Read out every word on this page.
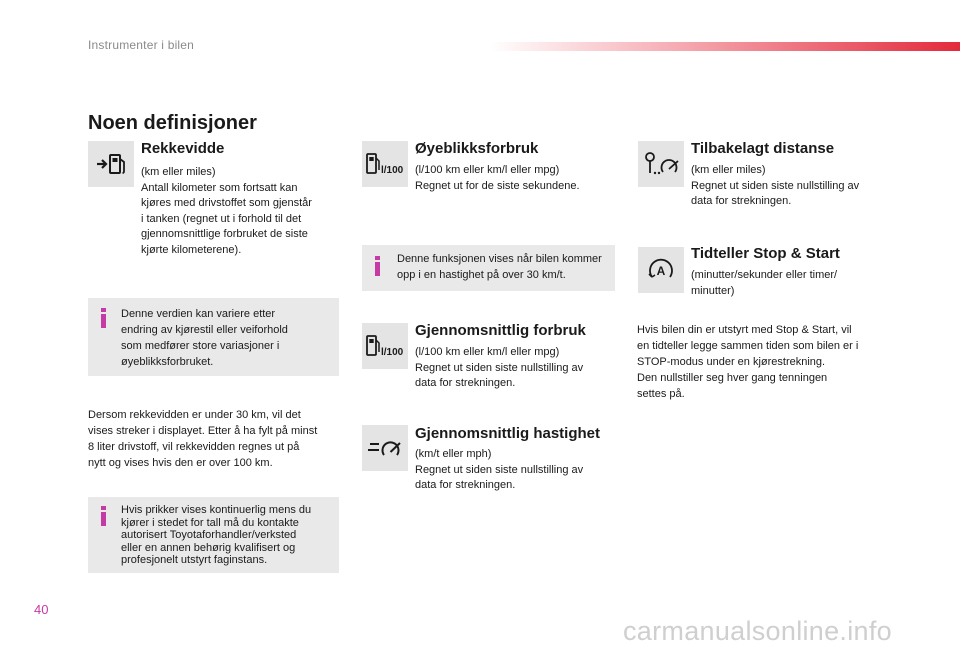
Instrumenter i bilen
Noen definisjoner
Rekkevidde
(km eller miles)
Antall kilometer som fortsatt kan
kjøres med drivstoffet som gjenstår
i tanken (regnet ut i forhold til det
gjennomsnittlige forbruket de siste
kjørte kilometerene).
Denne verdien kan variere etter
endring av kjørestil eller veiforhold
som medfører store variasjoner i
øyeblikksforbruket.
Dersom rekkevidden er under 30 km, vil det
vises streker i displayet. Etter å ha fylt på minst
8 liter drivstoff, vil rekkevidden regnes ut på
nytt og vises hvis den er over 100 km.
Hvis prikker vises kontinuerlig mens du
kjører i stedet for tall må du kontakte
autorisert Toyotaforhandler/verksted
eller en annen behørig kvalifisert og
profesjonelt utstyrt faginstans.
l/100
Øyeblikksforbruk
(l/100 km eller km/l eller mpg)
Regnet ut for de siste sekundene.
Denne funksjonen vises når bilen kommer
opp i en hastighet på over 30 km/t.
l/100
Gjennomsnittlig forbruk
(l/100 km eller km/l eller mpg)
Regnet ut siden siste nullstilling av
data for strekningen.
Gjennomsnittlig hastighet
(km/t eller mph)
Regnet ut siden siste nullstilling av
data for strekningen.
Tilbakelagt distanse
(km eller miles)
Regnet ut siden siste nullstilling av
data for strekningen.
A
Tidteller Stop & Start
(minutter/sekunder eller timer/
minutter)
Hvis bilen din er utstyrt med Stop & Start, vil
en tidteller legge sammen tiden som bilen er i
STOP-modus under en kjørestrekning.
Den nullstiller seg hver gang tenningen
settes på.
40
carmanualsonline.info
